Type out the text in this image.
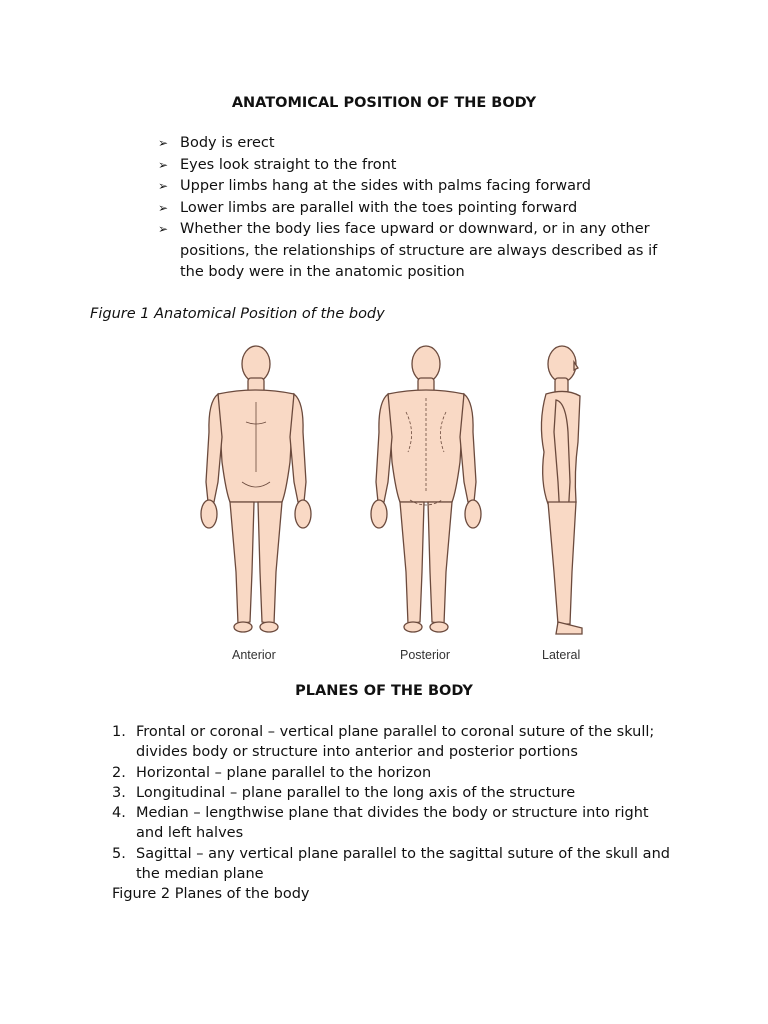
ANATOMICAL POSITION OF THE BODY
➢ Body is erect
➢ Eyes look straight to the front
➢ Upper limbs hang at the sides with palms facing forward
➢ Lower limbs are parallel with the toes pointing forward
➢ Whether the body lies face upward or downward, or in any other positions, the relationships of structure are always described as if the body were in the anatomic position

Figure 1 Anatomical Position of the body

Anterior	Posterior	Lateral
PLANES OF THE BODY
1. Frontal or coronal – vertical plane parallel to coronal suture of the skull; divides body or structure into anterior and posterior portions
2. Horizontal – plane parallel to the horizon
3. Longitudinal – plane parallel to the long axis of the structure
4. Median – lengthwise plane that divides the body or structure into right and left halves
5. Sagittal – any vertical plane parallel to the sagittal suture of the skull and the median plane

Figure 2 Planes of the body
